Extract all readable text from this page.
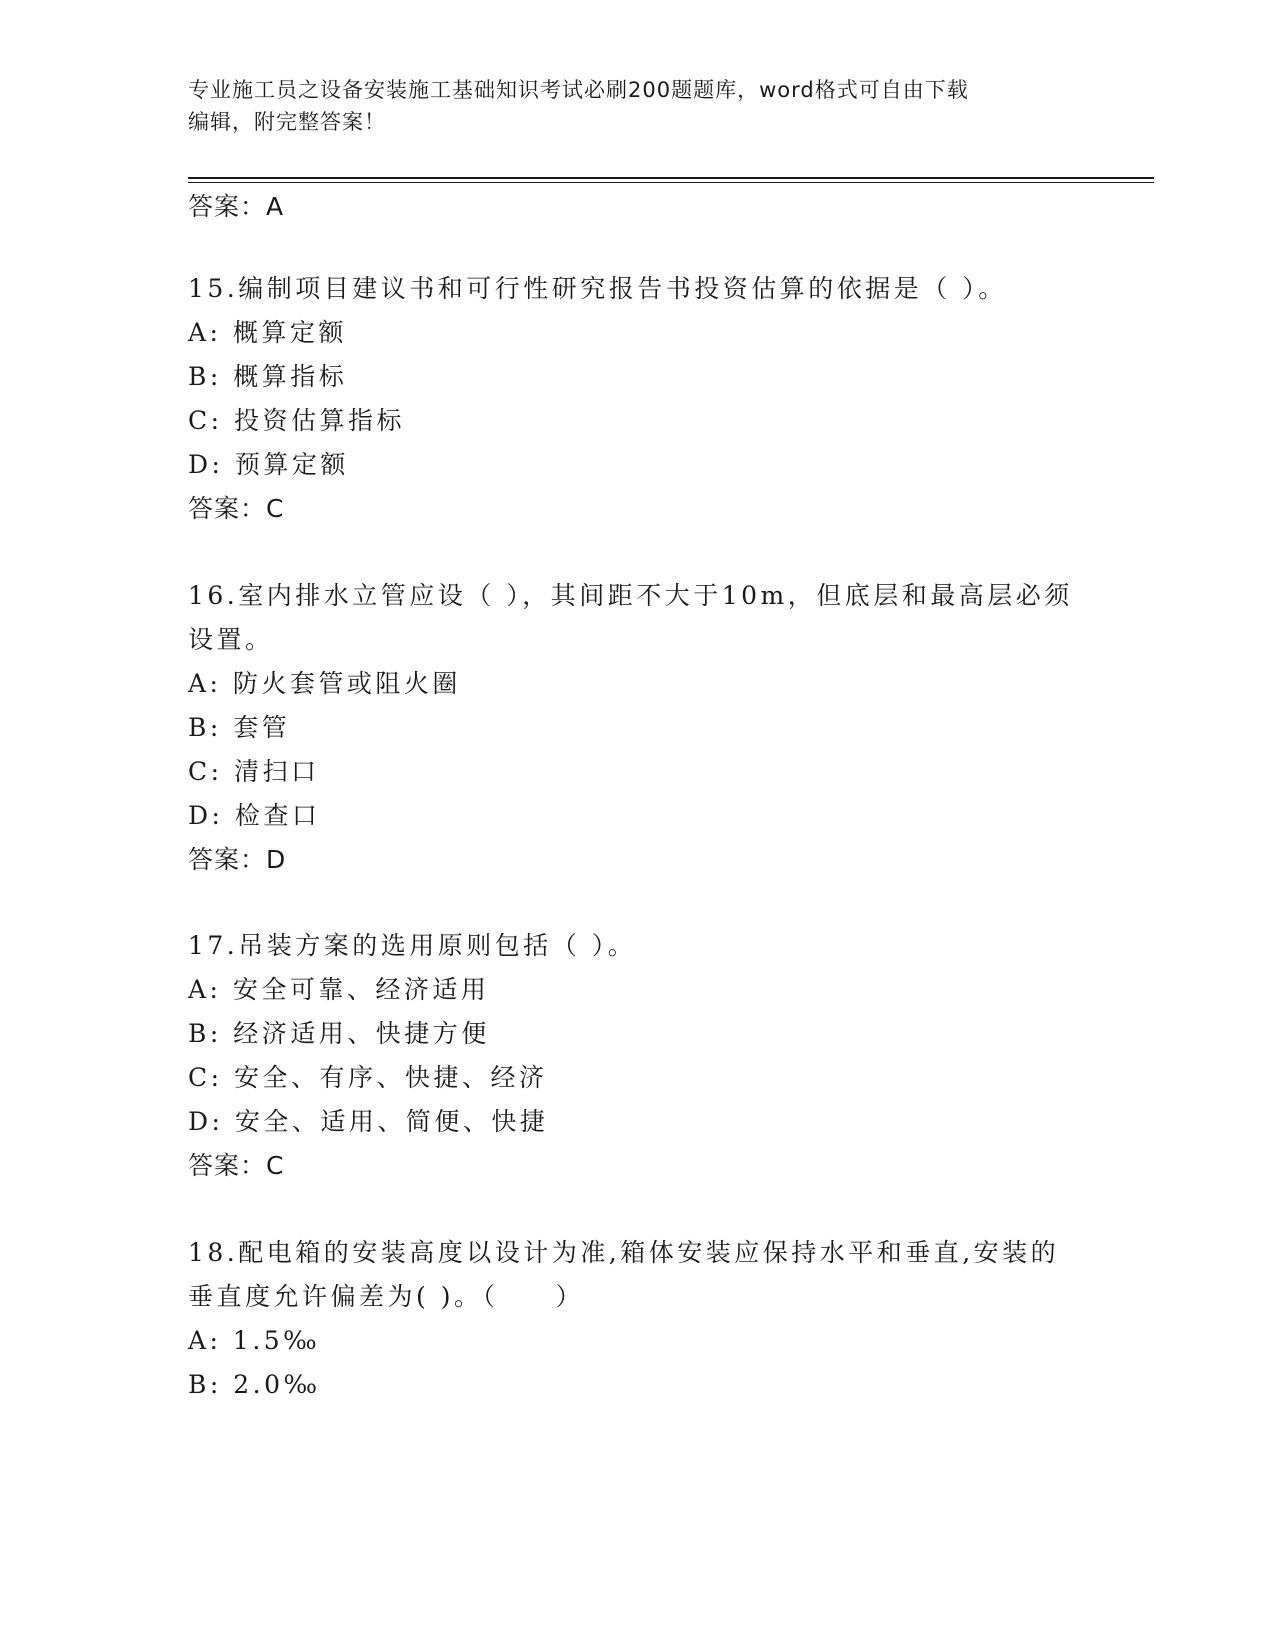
专业施工员之设备安装施工基础知识考试必刷200题题库，word格式可自由下载
编辑，附完整答案！
答案：A
15.编制项目建议书和可行性研究报告书投资估算的依据是（ ）。
A: 概算定额
B: 概算指标
C: 投资估算指标
D: 预算定额
答案：C
16.室内排水立管应设（ ），其间距不大于10m，但底层和最高层必须
设置。
A: 防火套管或阻火圈
B: 套管
C: 清扫口
D: 检查口
答案：D
17.吊装方案的选用原则包括（ ）。
A: 安全可靠、经济适用
B: 经济适用、快捷方便
C: 安全、有序、快捷、经济
D: 安全、适用、简便、快捷
答案：C
18.配电箱的安装高度以设计为准,箱体安装应保持水平和垂直,安装的
垂直度允许偏差为( )。（　　）
A: 1.5‰
B: 2.0‰
